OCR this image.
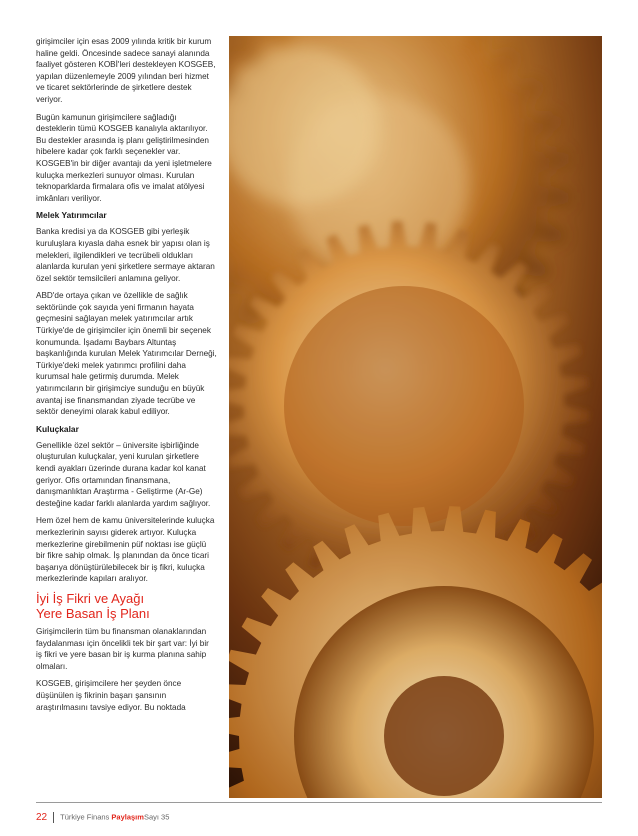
girişimciler için esas 2009 yılında kritik bir kurum haline geldi. Öncesinde sadece sanayi alanında faaliyet gösteren KOBİ'leri destekleyen KOSGEB, yapılan düzenlemeyle 2009 yılından beri hizmet ve ticaret sektörlerinde de şirketlere destek veriyor.

Bugün kamunun girişimcilere sağladığı desteklerin tümü KOSGEB kanalıyla aktarılıyor. Bu destekler arasında iş planı geliştirilmesinden hibelere kadar çok farklı seçenekler var. KOSGEB'in bir diğer avantajı da yeni işletmelere kuluçka merkezleri sunuyor olması. Kurulan teknoparklarda firmalara ofis ve imalat atölyesi imkânları veriliyor.

Melek Yatırımcılar

Banka kredisi ya da KOSGEB gibi yerleşik kuruluşlara kıyasla daha esnek bir yapısı olan iş melekleri, ilgilendikleri ve tecrübeli oldukları alanlarda kurulan yeni şirketlere sermaye aktaran özel sektör temsilcileri anlamına geliyor.

ABD'de ortaya çıkan ve özellikle de sağlık sektöründe çok sayıda yeni firmanın hayata geçmesini sağlayan melek yatırımcılar artık Türkiye'de de girişimciler için önemli bir seçenek konumunda. İşadamı Baybars Altuntaş başkanlığında kurulan Melek Yatırımcılar Derneği, Türkiye'deki melek yatırımcı profilini daha kurumsal hale getirmiş durumda. Melek yatırımcıların bir girişimciye sunduğu en büyük avantaj ise finansmandan ziyade tecrübe ve sektör deneyimi olarak kabul ediliyor.

Kuluçkalar

Genellikle özel sektör – üniversite işbirliğinde oluşturulan kuluçkalar, yeni kurulan şirketlere kendi ayakları üzerinde durana kadar kol kanat geriyor. Ofis ortamından finansmana, danışmanlıktan Araştırma - Geliştirme (Ar-Ge) desteğine kadar farklı alanlarda yardım sağlıyor.

Hem özel hem de kamu üniversitelerinde kuluçka merkezlerinin sayısı giderek artıyor. Kuluçka merkezlerine girebilmenin püf noktası ise güçlü bir fikre sahip olmak. İş planından da önce ticari başarıya dönüştürülebilecek bir iş fikri, kuluçka merkezlerinde kapıları aralıyor.

İyi İş Fikri ve Ayağı
Yere Basan İş Planı

Girişimcilerin tüm bu finansman olanaklarından faydalanması için öncelikli tek bir şart var: İyi bir iş fikri ve yere basan bir iş kurma planına sahip olmaları.

KOSGEB, girişimcilere her şeyden önce düşünülen iş fikrinin başarı şansının araştırılmasını tavsiye ediyor. Bu noktada

22 Türkiye Finans PaylaşımSayı 35
